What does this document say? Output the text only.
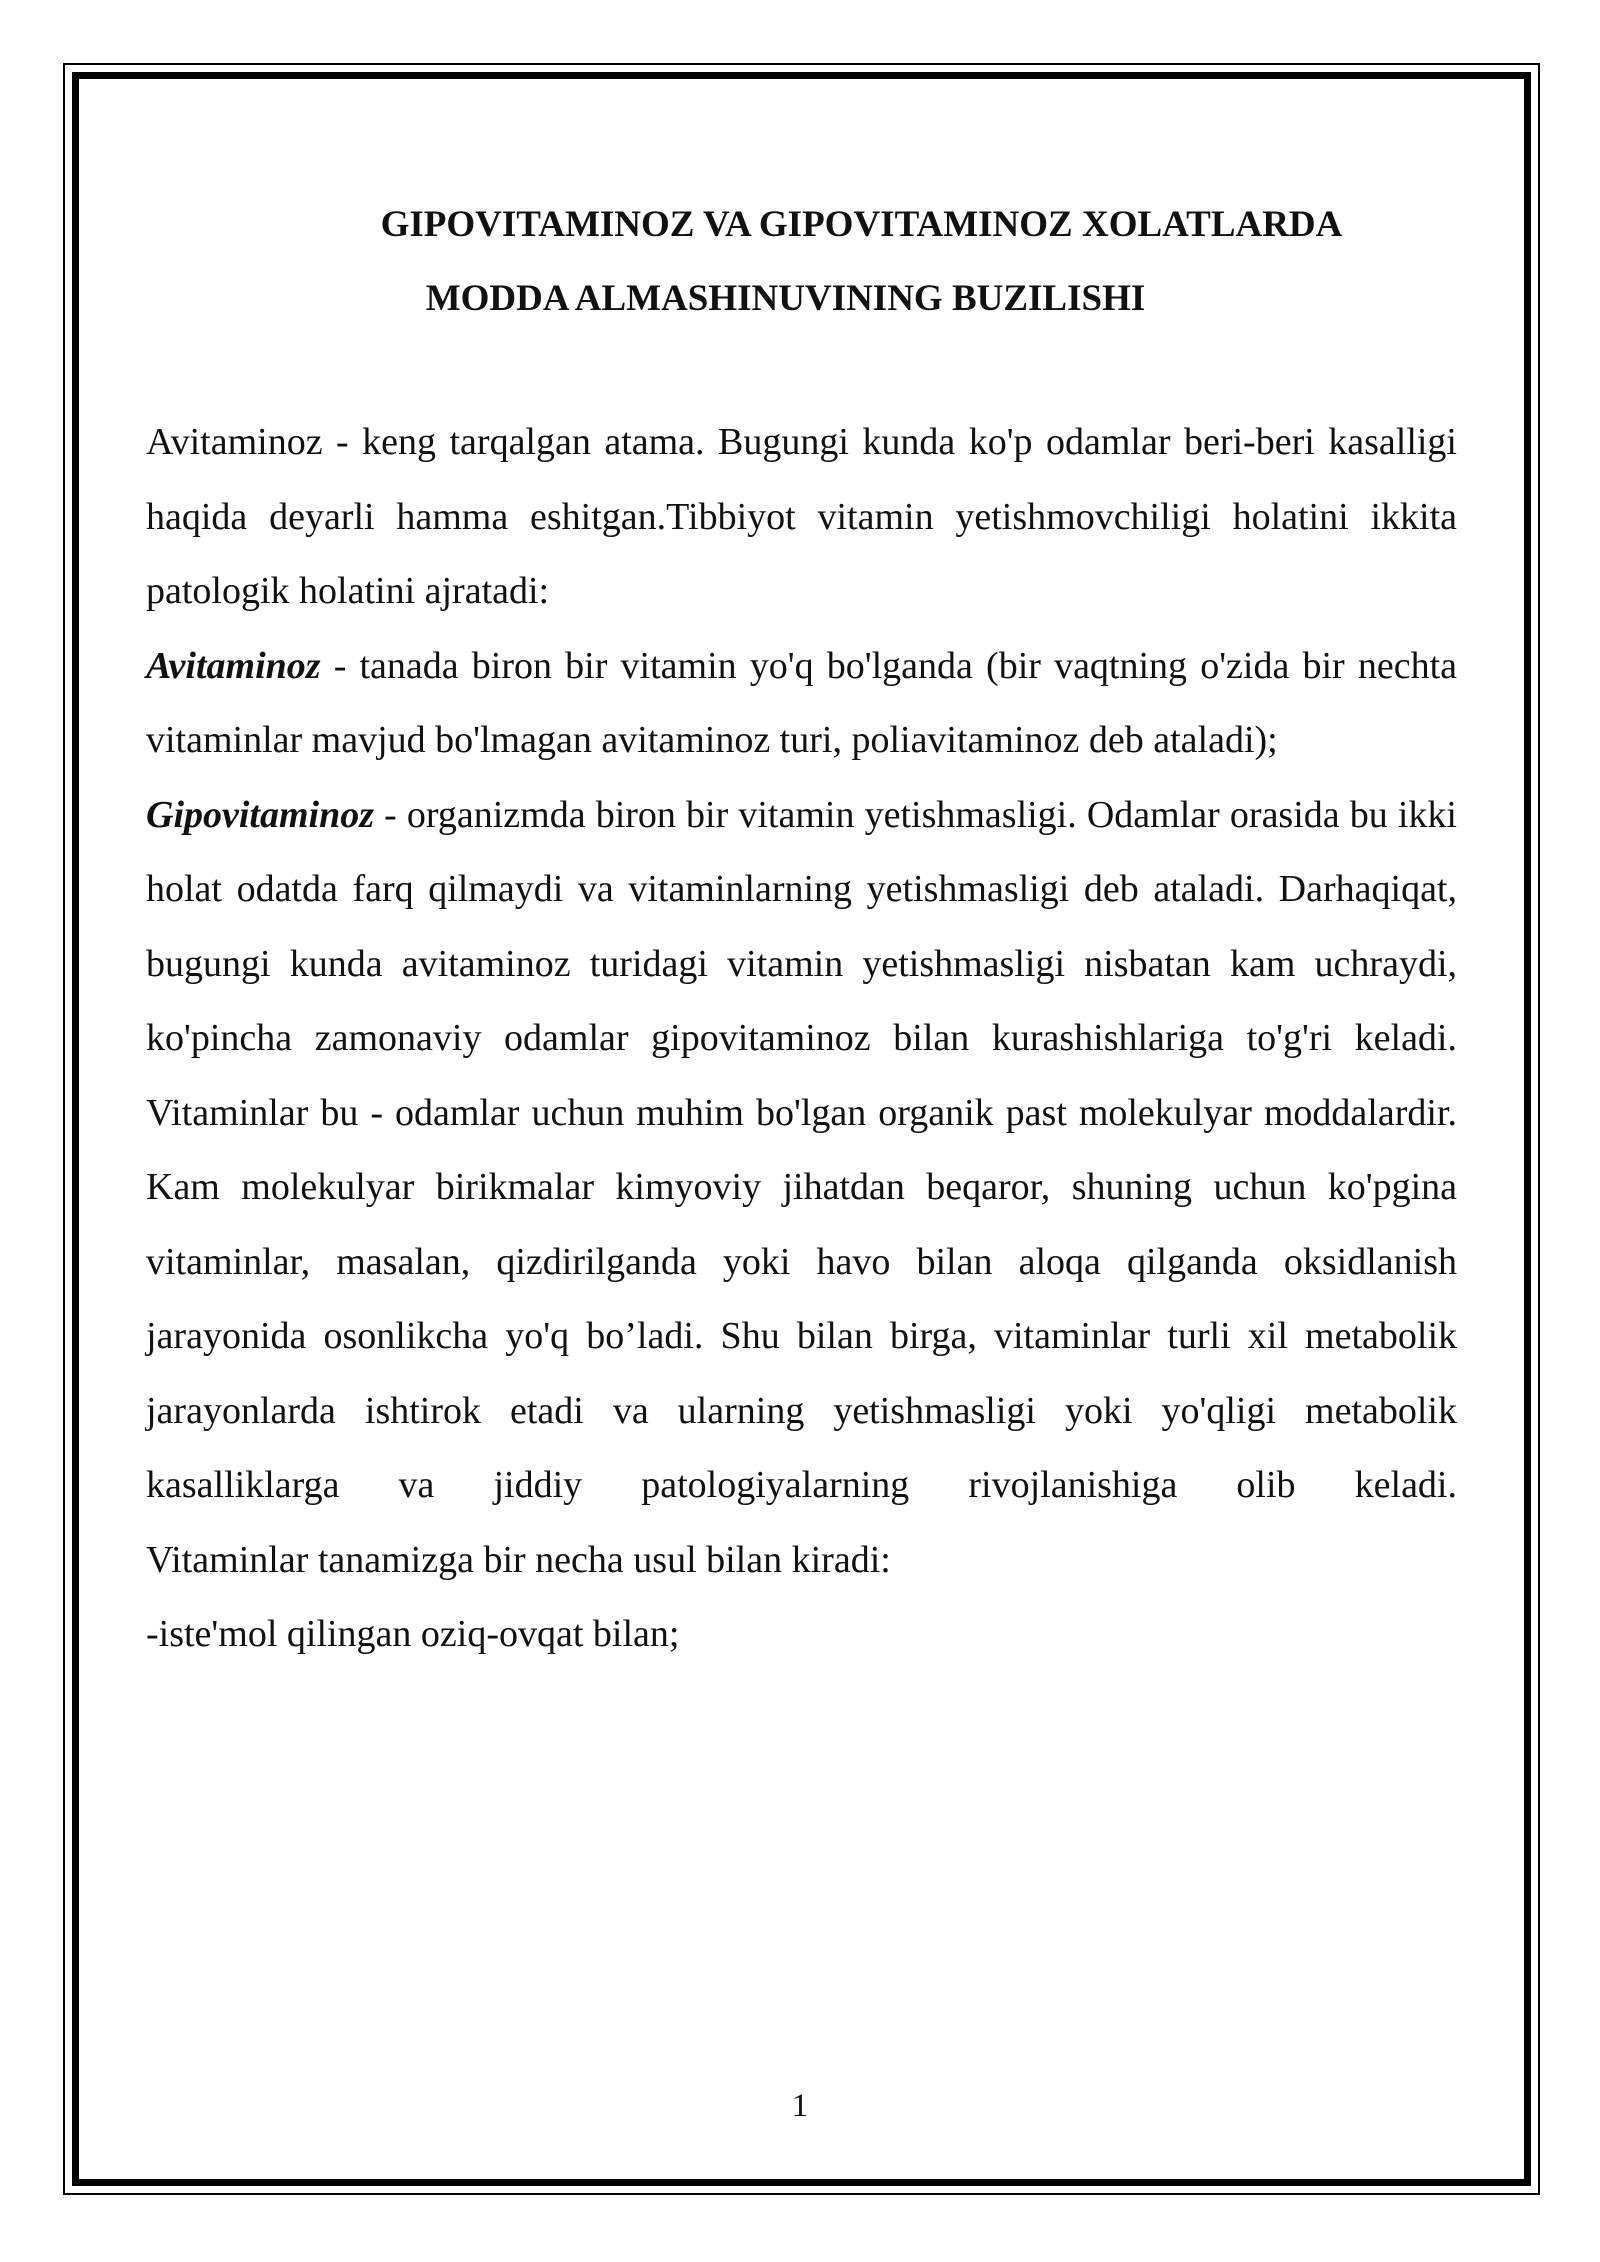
GIPOVITAMINOZ VA GIPOVITAMINOZ XOLATLARDA
MODDA ALMASHINUVINING BUZILISHI

Avitaminoz - keng tarqalgan atama. Bugungi kunda ko'p odamlar beri-beri kasalligi haqida deyarli hamma eshitgan.Tibbiyot vitamin yetishmovchiligi holatini ikkita patologik holatini ajratadi:

Avitaminoz - tanada biron bir vitamin yo'q bo'lganda (bir vaqtning o'zida bir nechta vitaminlar mavjud bo'lmagan avitaminoz turi, poliavitaminoz deb ataladi);

Gipovitaminoz - organizmda biron bir vitamin yetishmasligi. Odamlar orasida bu ikki holat odatda farq qilmaydi va vitaminlarning yetishmasligi deb ataladi. Darhaqiqat, bugungi kunda avitaminoz turidagi vitamin yetishmasligi nisbatan kam uchraydi, ko'pincha zamonaviy odamlar gipovitaminoz bilan kurashishlariga to'g'ri keladi.

Vitaminlar bu - odamlar uchun muhim bo'lgan organik past molekulyar moddalardir. Kam molekulyar birikmalar kimyoviy jihatdan beqaror, shuning uchun ko'pgina vitaminlar, masalan, qizdirilganda yoki havo bilan aloqa qilganda oksidlanish jarayonida osonlikcha yo'q bo’ladi. Shu bilan birga, vitaminlar turli xil metabolik jarayonlarda ishtirok etadi va ularning yetishmasligi yoki yo'qligi metabolik kasalliklarga va jiddiy patologiyalarning rivojlanishiga olib keladi.

Vitaminlar tanamizga bir necha usul bilan kiradi:

-iste'mol qilingan oziq-ovqat bilan;

1
